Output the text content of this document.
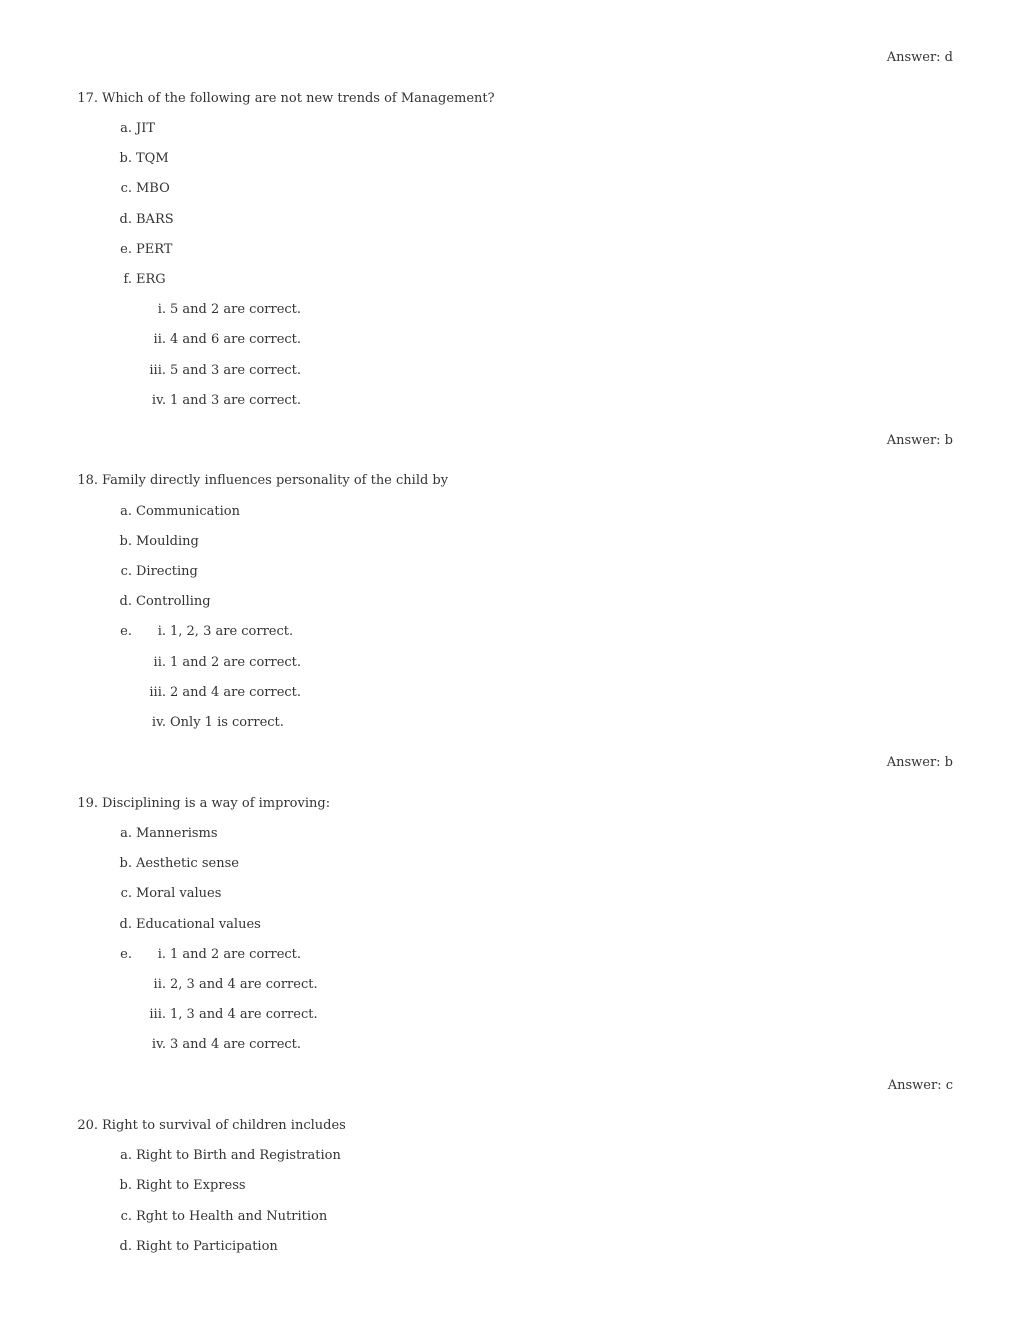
Answer: d
17. Which of the following are not new trends of Management?
a. JIT
b. TQM
c. MBO
d. BARS
e. PERT
f. ERG
i. 5 and 2 are correct.
ii. 4 and 6 are correct.
iii. 5 and 3 are correct.
iv. 1 and 3 are correct.
Answer: b
18. Family directly influences personality of the child by
a. Communication
b. Moulding
c. Directing
d. Controlling
e.	i. 1, 2, 3 are correct.
ii. 1 and 2 are correct.
iii. 2 and 4 are correct.
iv. Only 1 is correct.
Answer: b
19. Disciplining is a way of improving:
a. Mannerisms
b. Aesthetic sense
c. Moral values
d. Educational values
e.	i. 1 and 2 are correct.
ii. 2, 3 and 4 are correct.
iii. 1, 3 and 4 are correct.
iv. 3 and 4 are correct.
Answer: c
20. Right to survival of children includes
a. Right to Birth and Registration
b. Right to Express
c. Rght to Health and Nutrition
d. Right to Participation
